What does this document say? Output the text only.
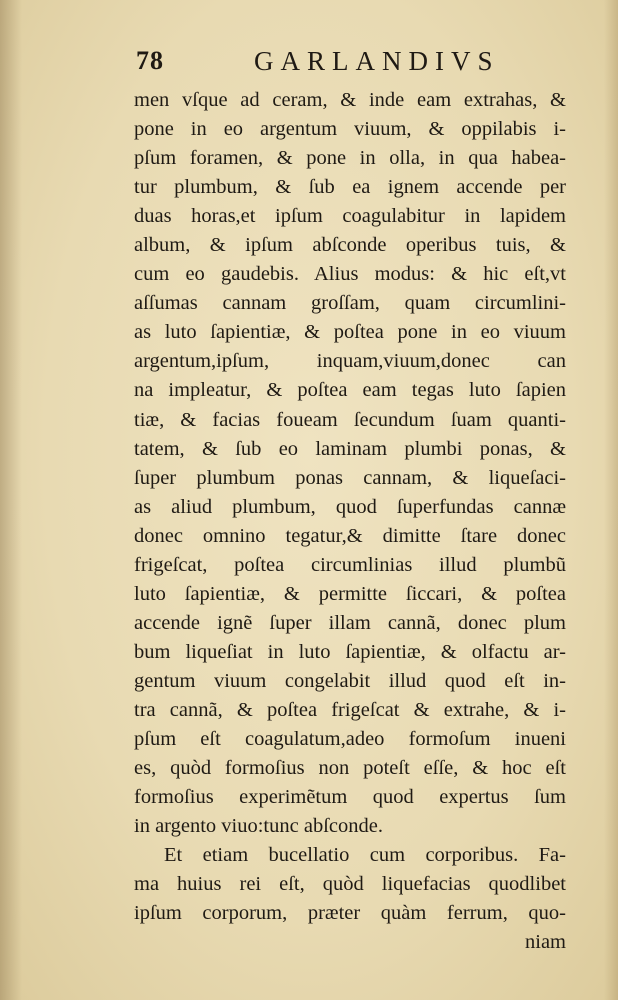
78	GARLANDIVS
men vſque ad ceram, & inde eam extrahas, &
pone in eo argentum viuum, & oppilabis i-
pſum foramen, & pone in olla, in qua habea-
tur plumbum, & ſub ea ignem accende per
duas horas,et ipſum coagulabitur in lapidem
album, & ipſum abſconde operibus tuis, &
cum eo gaudebis. Alius modus: & hic eſt,vt
aſſumas cannam groſſam, quam circumlini-
as luto ſapientiæ, & poſtea pone in eo viuum
argentum,ipſum, inquam,viuum,donec can
na impleatur, & poſtea eam tegas luto ſapien
tiæ, & facias foueam ſecundum ſuam quanti-
tatem, & ſub eo laminam plumbi ponas, &
ſuper plumbum ponas cannam, & liqueſaci-
as aliud plumbum, quod ſuperfundas cannæ
donec omnino tegatur,& dimitte ſtare donec
frigeſcat, poſtea circumlinias illud plumbũ
luto ſapientiæ, & permitte ſiccari, & poſtea
accende ignẽ ſuper illam cannã, donec plum
bum liqueſiat in luto ſapientiæ, & olfactu ar-
gentum viuum congelabit illud quod eſt in-
tra cannã, & poſtea frigeſcat & extrahe, & i-
pſum eſt coagulatum,adeo formoſum inueni
es, quòd formoſius non poteſt eſſe, & hoc eſt
formoſius experimẽtum quod expertus ſum
in argento viuo:tunc abſconde.
Et etiam bucellatio cum corporibus. Fa-
ma huius rei eſt, quòd liquefacias quodlibet
ipſum corporum, præter quàm ferrum, quo-
niam
